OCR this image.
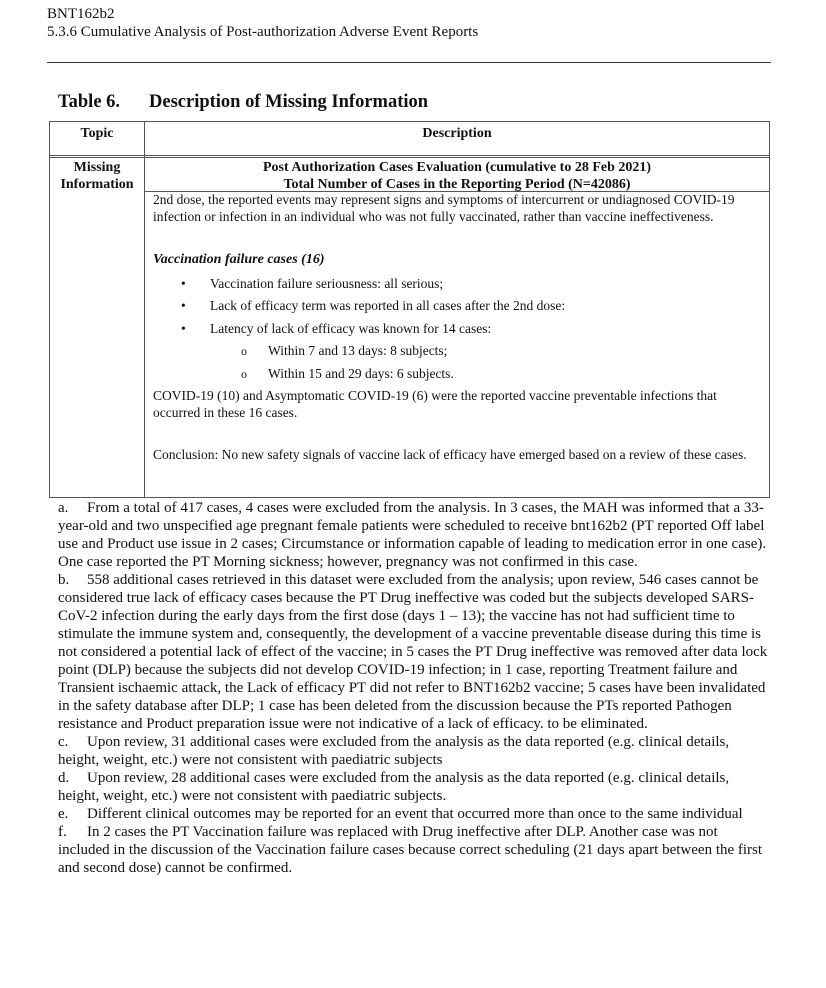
BNT162b2
5.3.6 Cumulative Analysis of Post-authorization Adverse Event Reports
Table 6. Description of Missing Information
Topic	Description
Missing
Information
Post Authorization Cases Evaluation (cumulative to 28 Feb 2021)
Total Number of Cases in the Reporting Period (N=42086)

2nd dose, the reported events may represent signs and symptoms of intercurrent or undiagnosed COVID-19 infection or infection in an individual who was not fully vaccinated, rather than vaccine ineffectiveness.

Vaccination failure cases (16)

• Vaccination failure seriousness: all serious;
• Lack of efficacy term was reported in all cases after the 2nd dose:
• Latency of lack of efficacy was known for 14 cases:
o Within 7 and 13 days: 8 subjects;
o Within 15 and 29 days: 6 subjects.

COVID-19 (10) and Asymptomatic COVID-19 (6) were the reported vaccine preventable infections that occurred in these 16 cases.

Conclusion: No new safety signals of vaccine lack of efficacy have emerged based on a review of these cases.

a. From a total of 417 cases, 4 cases were excluded from the analysis. In 3 cases, the MAH was informed that a 33-year-old and two unspecified age pregnant female patients were scheduled to receive bnt162b2 (PT reported Off label use and Product use issue in 2 cases; Circumstance or information capable of leading to medication error in one case). One case reported the PT Morning sickness; however, pregnancy was not confirmed in this case.

b. 558 additional cases retrieved in this dataset were excluded from the analysis; upon review, 546 cases cannot be considered true lack of efficacy cases because the PT Drug ineffective was coded but the subjects developed SARS-CoV-2 infection during the early days from the first dose (days 1 – 13); the vaccine has not had sufficient time to stimulate the immune system and, consequently, the development of a vaccine preventable disease during this time is not considered a potential lack of effect of the vaccine; in 5 cases the PT Drug ineffective was removed after data lock point (DLP) because the subjects did not develop COVID-19 infection; in 1 case, reporting Treatment failure and Transient ischaemic attack, the Lack of efficacy PT did not refer to BNT162b2 vaccine; 5 cases have been invalidated in the safety database after DLP; 1 case has been deleted from the discussion because the PTs reported Pathogen resistance and Product preparation issue were not indicative of a lack of efficacy. to be eliminated.

c. Upon review, 31 additional cases were excluded from the analysis as the data reported (e.g. clinical details, height, weight, etc.) were not consistent with paediatric subjects

d. Upon review, 28 additional cases were excluded from the analysis as the data reported (e.g. clinical details, height, weight, etc.) were not consistent with paediatric subjects.

e. Different clinical outcomes may be reported for an event that occurred more than once to the same individual

f. In 2 cases the PT Vaccination failure was replaced with Drug ineffective after DLP. Another case was not included in the discussion of the Vaccination failure cases because correct scheduling (21 days apart between the first and second dose) cannot be confirmed.
